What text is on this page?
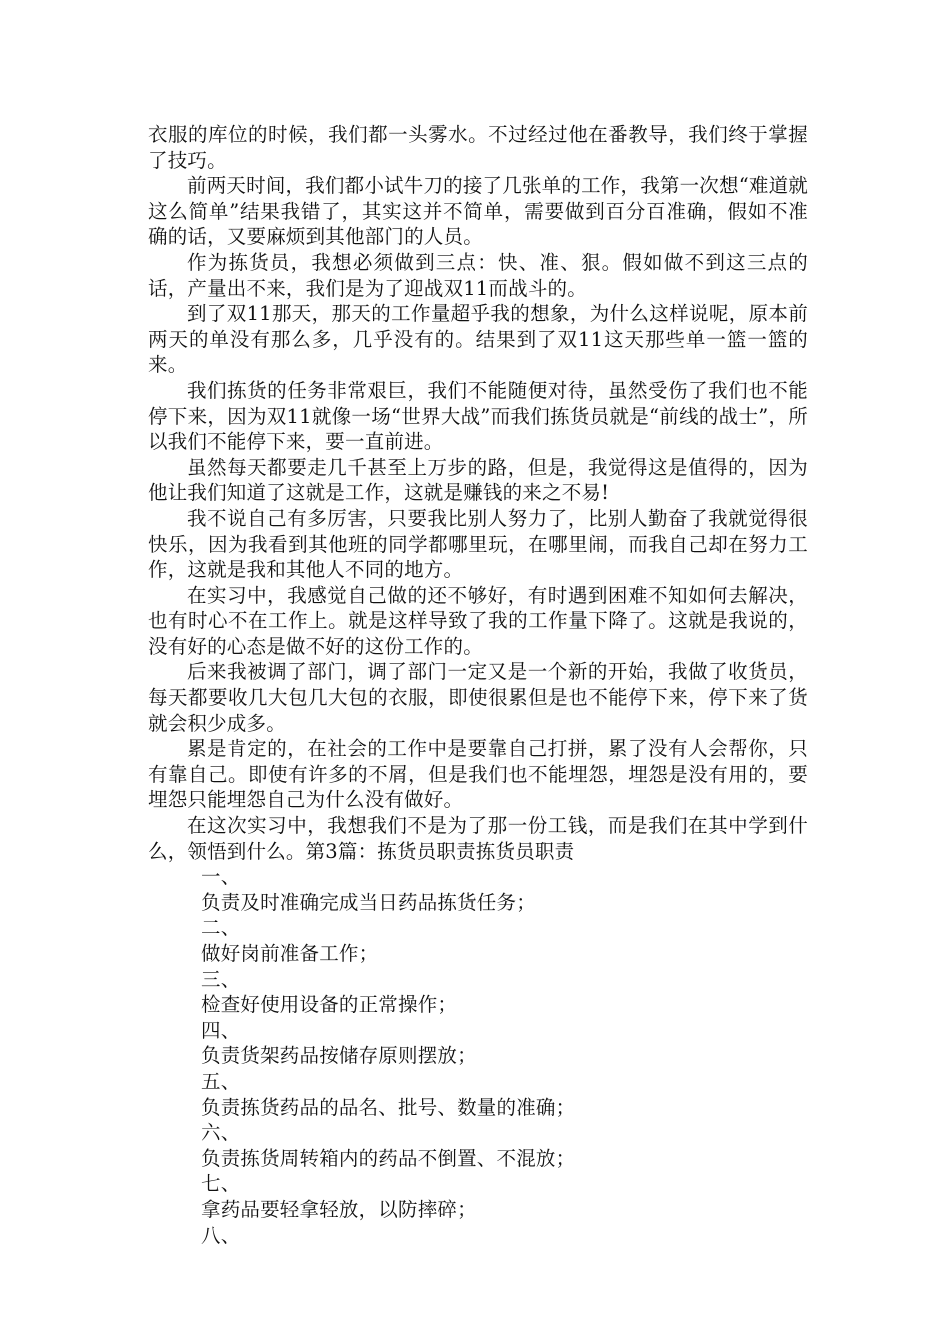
衣服的库位的时候，我们都一头雾水。不过经过他在番教导，我们终于掌握了技巧。

前两天时间，我们都小试牛刀的接了几张单的工作，我第一次想“难道就这么简单”结果我错了，其实这并不简单，需要做到百分百准确，假如不准确的话，又要麻烦到其他部门的人员。

作为拣货员，我想必须做到三点：快、准、狠。假如做不到这三点的话，产量出不来，我们是为了迎战双11而战斗的。

到了双11那天，那天的工作量超乎我的想象，为什么这样说呢，原本前两天的单没有那么多，几乎没有的。结果到了双11这天那些单一篮一篮的来。

我们拣货的任务非常艰巨，我们不能随便对待，虽然受伤了我们也不能停下来，因为双11就像一场“世界大战”而我们拣货员就是“前线的战士”，所以我们不能停下来，要一直前进。

虽然每天都要走几千甚至上万步的路，但是，我觉得这是值得的，因为他让我们知道了这就是工作，这就是赚钱的来之不易!

我不说自己有多厉害，只要我比别人努力了，比别人勤奋了我就觉得很快乐，因为我看到其他班的同学都哪里玩，在哪里闹，而我自己却在努力工作，这就是我和其他人不同的地方。

在实习中，我感觉自己做的还不够好，有时遇到困难不知如何去解决，也有时心不在工作上。就是这样导致了我的工作量下降了。这就是我说的，没有好的心态是做不好的这份工作的。

后来我被调了部门，调了部门一定又是一个新的开始，我做了收货员，每天都要收几大包几大包的衣服，即使很累但是也不能停下来，停下来了货就会积少成多。

累是肯定的，在社会的工作中是要靠自己打拼，累了没有人会帮你，只有靠自己。即使有许多的不屑，但是我们也不能埋怨，埋怨是没有用的，要埋怨只能埋怨自己为什么没有做好。

在这次实习中，我想我们不是为了那一份工钱，而是我们在其中学到什么，领悟到什么。第3篇：拣货员职责拣货员职责

一、
负责及时准确完成当日药品拣货任务；
二、
做好岗前准备工作；
三、
检查好使用设备的正常操作；
四、
负责货架药品按储存原则摆放；
五、
负责拣货药品的品名、批号、数量的准确；
六、
负责拣货周转箱内的药品不倒置、不混放；
七、
拿药品要轻拿轻放，以防摔碎；
八、
